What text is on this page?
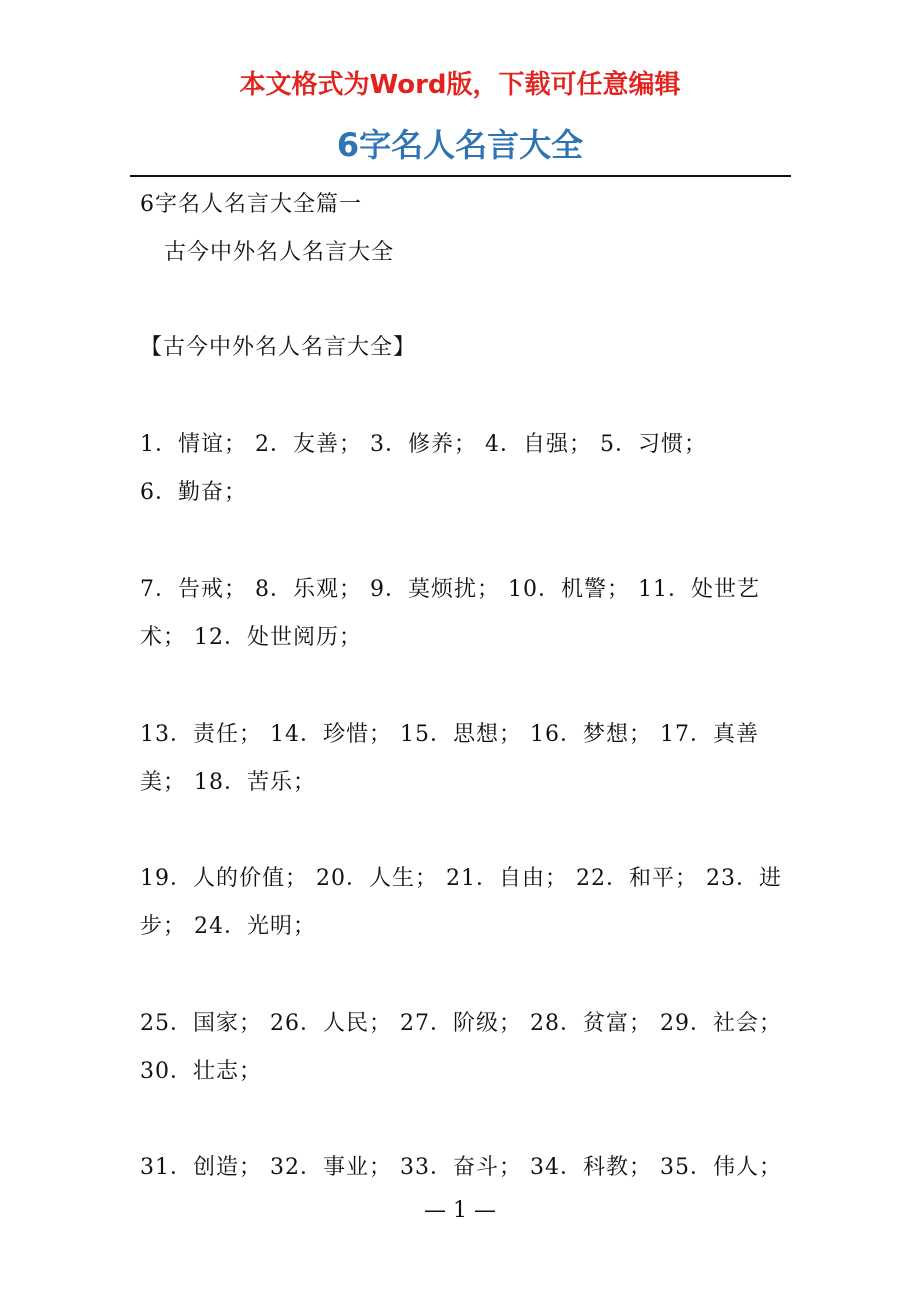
本文格式为Word版，下载可任意编辑
6字名人名言大全
6字名人名言大全篇一
古今中外名人名言大全
【古今中外名人名言大全】
1．情谊； 2．友善； 3．修养； 4．自强； 5．习惯；
6．勤奋；
7．告戒； 8．乐观； 9．莫烦扰； 10．机警； 11．处世艺
术； 12．处世阅历；
13．责任； 14．珍惜； 15．思想； 16．梦想； 17．真善
美； 18．苦乐；
19．人的价值； 20．人生； 21．自由； 22．和平； 23．进
步； 24．光明；
25．国家； 26．人民； 27．阶级； 28．贫富； 29．社会；
30．壮志；
31．创造； 32．事业； 33．奋斗； 34．科教； 35．伟人；
— 1 —
